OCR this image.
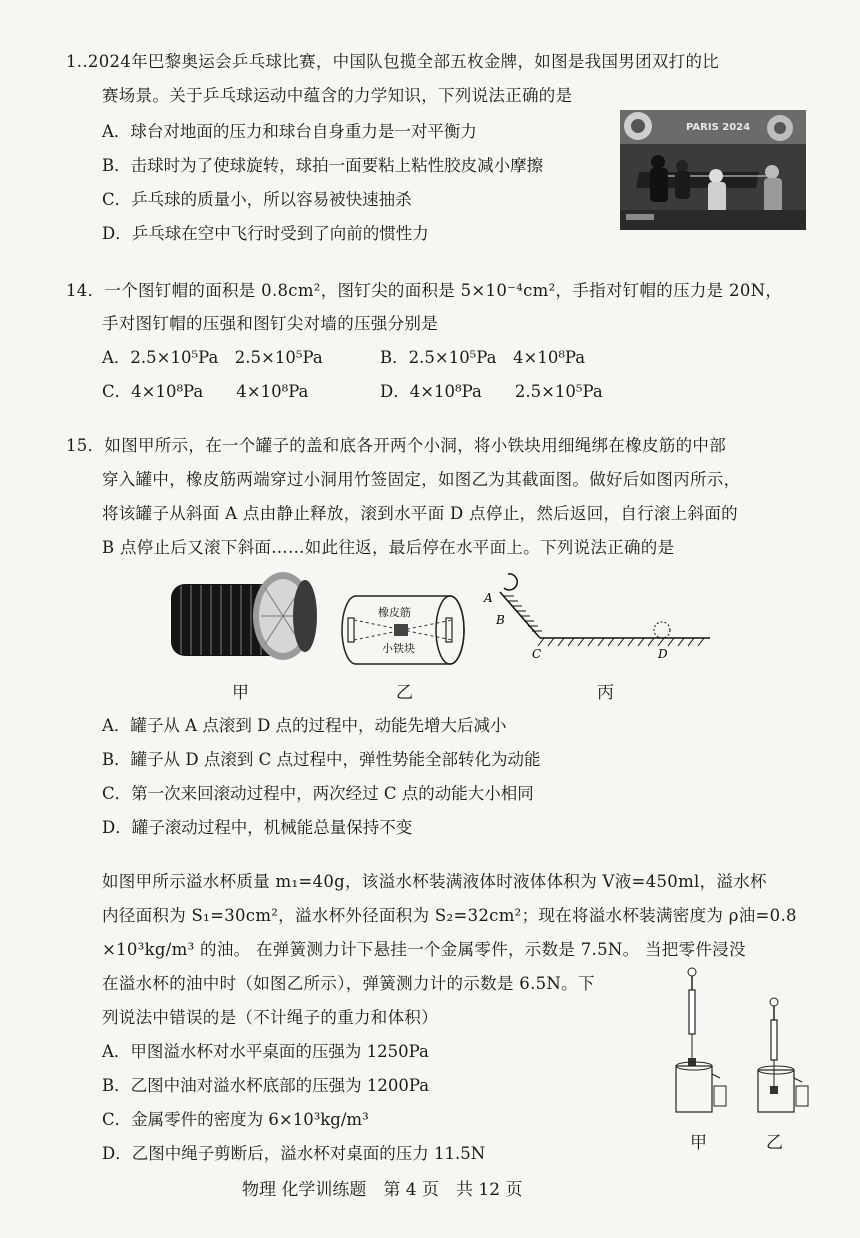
1..2024年巴黎奥运会乒乓球比赛，中国队包揽全部五枚金牌，如图是我国男团双打的比
赛场景。关于乒乓球运动中蕴含的力学知识，下列说法正确的是
A．球台对地面的压力和球台自身重力是一对平衡力
B．击球时为了使球旋转，球拍一面要粘上粘性胶皮减小摩擦
C．乒乓球的质量小，所以容易被快速抽杀
D．乒乓球在空中飞行时受到了向前的惯性力
PARIS 2024
14．一个图钉帽的面积是 0.8cm²，图钉尖的面积是 5×10⁻⁴cm²，手指对钉帽的压力是 20N，
手对图钉帽的压强和图钉尖对墙的压强分别是
A．2.5×10⁵Pa　2.5×10⁵Pa	B．2.5×10⁵Pa　4×10⁸Pa
C．4×10⁸Pa　　4×10⁸Pa	D．4×10⁸Pa　　2.5×10⁵Pa
15．如图甲所示，在一个罐子的盖和底各开两个小洞，将小铁块用细绳绑在橡皮筋的中部
穿入罐中，橡皮筋两端穿过小洞用竹签固定，如图乙为其截面图。做好后如图丙所示，
将该罐子从斜面 A 点由静止释放，滚到水平面 D 点停止，然后返回，自行滚上斜面的
B 点停止后又滚下斜面……如此往返，最后停在水平面上。下列说法正确的是
甲
橡皮筋
小铁块
乙
A
B
C	D
丙
A．罐子从 A 点滚到 D 点的过程中，动能先增大后减小
B．罐子从 D 点滚到 C 点过程中，弹性势能全部转化为动能
C．第一次来回滚动过程中，两次经过 C 点的动能大小相同
D．罐子滚动过程中，机械能总量保持不变
如图甲所示溢水杯质量 m₁=40g，该溢水杯装满液体时液体体积为 V液=450ml，溢水杯
内径面积为 S₁=30cm²，溢水杯外径面积为 S₂=32cm²；现在将溢水杯装满密度为 ρ油=0.8
×10³kg/m³ 的油。 在弹簧测力计下悬挂一个金属零件，示数是 7.5N。 当把零件浸没
在溢水杯的油中时（如图乙所示），弹簧测力计的示数是 6.5N。下
列说法中错误的是（不计绳子的重力和体积）
A．甲图溢水杯对水平桌面的压强为 1250Pa
B．乙图中油对溢水杯底部的压强为 1200Pa
C．金属零件的密度为 6×10³kg/m³
D．乙图中绳子剪断后，溢水杯对桌面的压力 11.5N
甲	乙
物理 化学训练题　第 4 页　共 12 页
